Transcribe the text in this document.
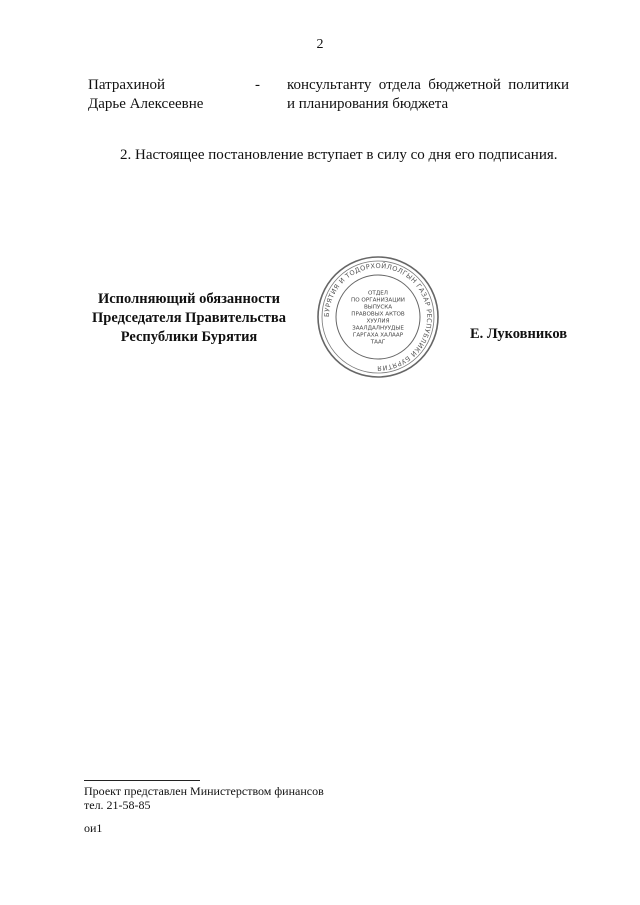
2
Патрахиной
Дарье Алексеевне
- консультанту отдела бюджетной политики и планирования бюджета
2. Настоящее постановление вступает в силу со дня его подписания.
Исполняющий обязанности
Председателя Правительства
Республики Бурятия
БУРЯТИЯ И ТОДОРХОЙЛОЛГЫН ГАЗАР РЕСПУБЛИКИ БУРЯТИЯ
ОТДЕЛ
ПО ОРГАНИЗАЦИИ
ВЫПУСКА
ПРАВОВЫХ АКТОВ
ХУУЛИЯ
ЗААЛДАЛНУУДЫЕ
ГАРГАХА ХАЛААР
ТААГ
Е. Луковников
Проект представлен Министерством финансов
тел. 21-58-85
ои1
